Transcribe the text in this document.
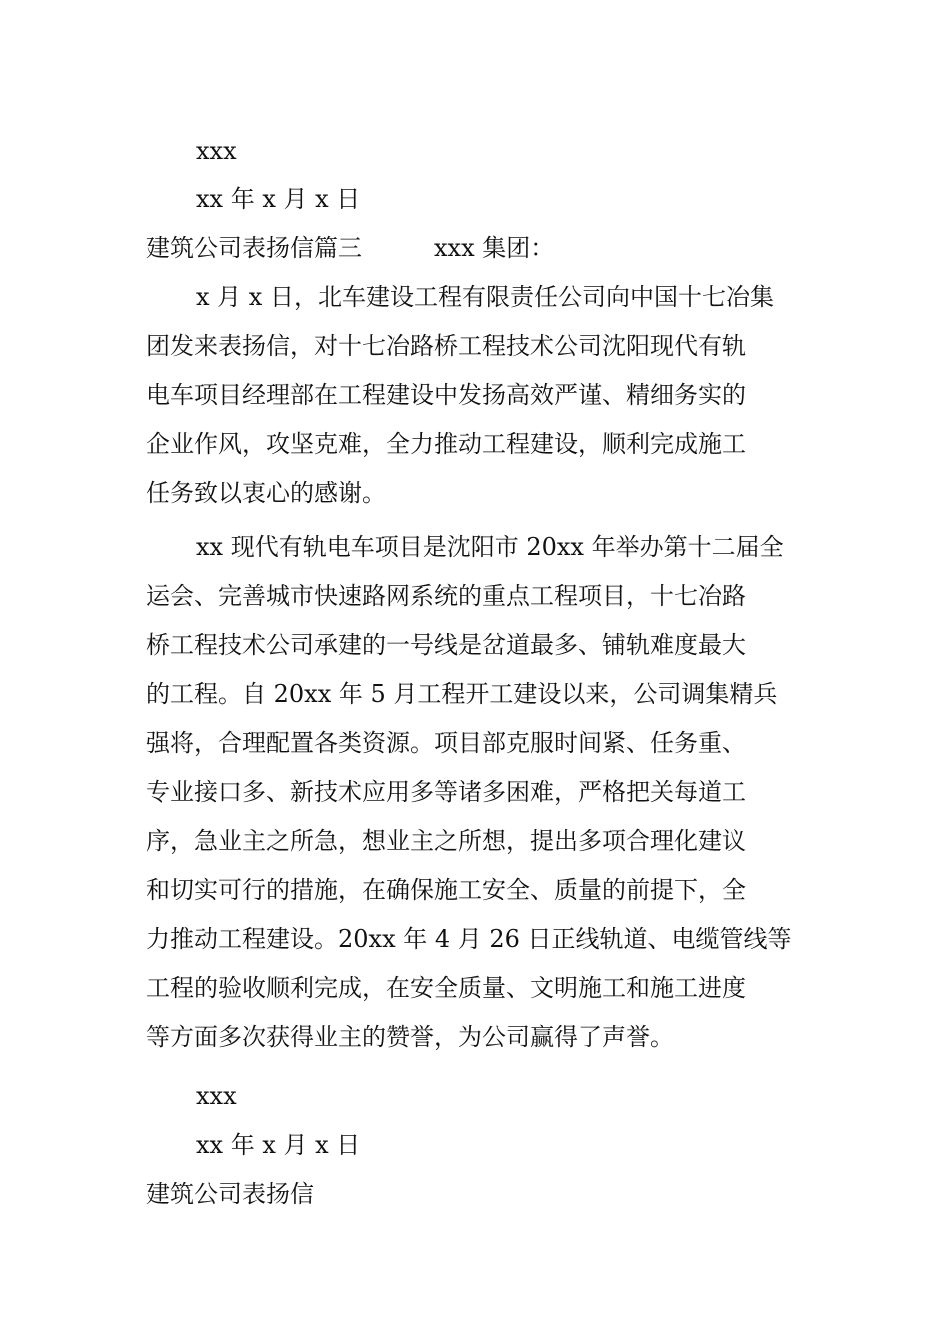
xxx
xx 年 x 月 x 日
建筑公司表扬信篇三	xxx 集团：
x 月 x 日，北车建设工程有限责任公司向中国十七冶集
团发来表扬信，对十七冶路桥工程技术公司沈阳现代有轨
电车项目经理部在工程建设中发扬高效严谨、精细务实的
企业作风，攻坚克难，全力推动工程建设，顺利完成施工
任务致以衷心的感谢。
xx 现代有轨电车项目是沈阳市 20xx 年举办第十二届全
运会、完善城市快速路网系统的重点工程项目，十七冶路
桥工程技术公司承建的一号线是岔道最多、铺轨难度最大
的工程。自 20xx 年 5 月工程开工建设以来，公司调集精兵
强将，合理配置各类资源。项目部克服时间紧、任务重、
专业接口多、新技术应用多等诸多困难，严格把关每道工
序，急业主之所急，想业主之所想，提出多项合理化建议
和切实可行的措施，在确保施工安全、质量的前提下，全
力推动工程建设。20xx 年 4 月 26 日正线轨道、电缆管线等
工程的验收顺利完成，在安全质量、文明施工和施工进度
等方面多次获得业主的赞誉，为公司赢得了声誉。
xxx
xx 年 x 月 x 日
建筑公司表扬信
